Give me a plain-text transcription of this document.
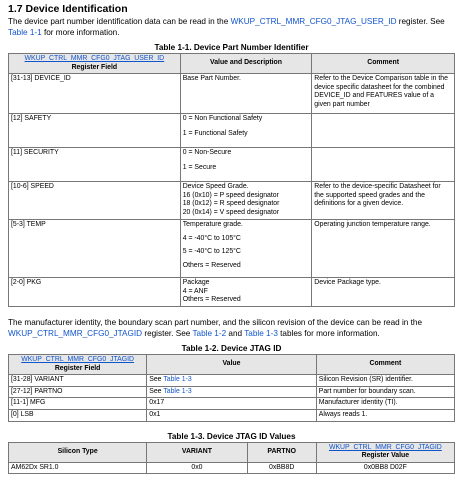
1.7 Device Identification

The device part number identification data can be read in the WKUP_CTRL_MMR_CFG0_JTAG_USER_ID register. See Table 1-1 for more information.

Table 1-1. Device Part Number Identifier
WKUP_CTRL_MMR_CFG0_JTAG_USER_ID
Register Field	Value and Description	Comment
[31-13] DEVICE_ID	Base Part Number.	Refer to the Device Comparison table in the device specific datasheet for the combined DEVICE_ID and FEATURES value of a given part number
[12] SAFETY	0 = Non Functional Safety
1 = Functional Safety	

[11] SECURITY	0 = Non-Secure
1 = Secure	

[10-6] SPEED	Device Speed Grade.
16 (0x10) = P speed designator
18 (0x12) = R speed designator
20 (0x14) = V speed designator	Refer to the device-specific Datasheet for the supported speed grades and the definitions for a given device.
[5-3] TEMP	Temperature grade.
4 = -40°C to 105°C
5 = -40°C to 125°C
Others = Reserved	Operating junction temperature range.
[2-0] PKG	Package
4 = ANF
Others = Reserved	Device Package type.

The manufacturer identity, the boundary scan part number, and the silicon revision of the device can be read in the WKUP_CTRL_MMR_CFG0_JTAGID register. See Table 1-2 and Table 1-3 tables for more information.

Table 1-2. Device JTAG ID
WKUP_CTRL_MMR_CFG0_JTAGID
Register Field	Value	Comment
[31-28] VARIANT	See Table 1-3	Silicon Revision (SR) identifier.
[27-12] PARTNO	See Table 1-3	Part number for boundary scan.
[11-1] MFG	0x17	Manufacturer identity (TI).
[0] LSB	0x1	Always reads 1.
Table 1-3. Device JTAG ID Values
Silicon Type	VARIANT	PARTNO	WKUP_CTRL_MMR_CFG0_JTAGID
Register Value

AM62Dx SR1.0	0x0	0xBB8D	0x0BB8 D02F
